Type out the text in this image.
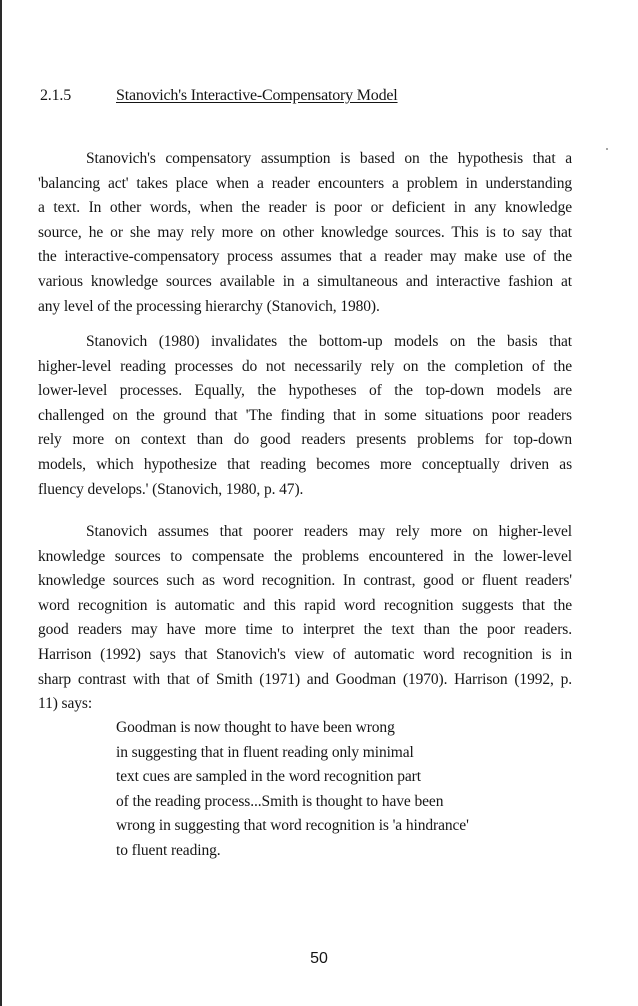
2.1.5	Stanovich's Interactive-Compensatory Model
Stanovich's compensatory assumption is based on the hypothesis that a
'balancing act' takes place when a reader encounters a problem in understanding
a text. In other words, when the reader is poor or deficient in any knowledge
source, he or she may rely more on other knowledge sources. This is to say that
the interactive-compensatory process assumes that a reader may make use of the
various knowledge sources available in a simultaneous and interactive fashion at
any level of the processing hierarchy (Stanovich, 1980).
Stanovich (1980) invalidates the bottom-up models on the basis that
higher-level reading processes do not necessarily rely on the completion of the
lower-level processes. Equally, the hypotheses of the top-down models are
challenged on the ground that 'The finding that in some situations poor readers
rely more on context than do good readers presents problems for top-down
models, which hypothesize that reading becomes more conceptually driven as
fluency develops.' (Stanovich, 1980, p. 47).
Stanovich assumes that poorer readers may rely more on higher-level
knowledge sources to compensate the problems encountered in the lower-level
knowledge sources such as word recognition. In contrast, good or fluent readers'
word recognition is automatic and this rapid word recognition suggests that the
good readers may have more time to interpret the text than the poor readers.
Harrison (1992) says that Stanovich's view of automatic word recognition is in
sharp contrast with that of Smith (1971) and Goodman (1970). Harrison (1992, p.
11) says:
Goodman is now thought to have been wrong
in suggesting that in fluent reading only minimal
text cues are sampled in the word recognition part
of the reading process...Smith is thought to have been
wrong in suggesting that word recognition is 'a hindrance'
to fluent reading.
50
